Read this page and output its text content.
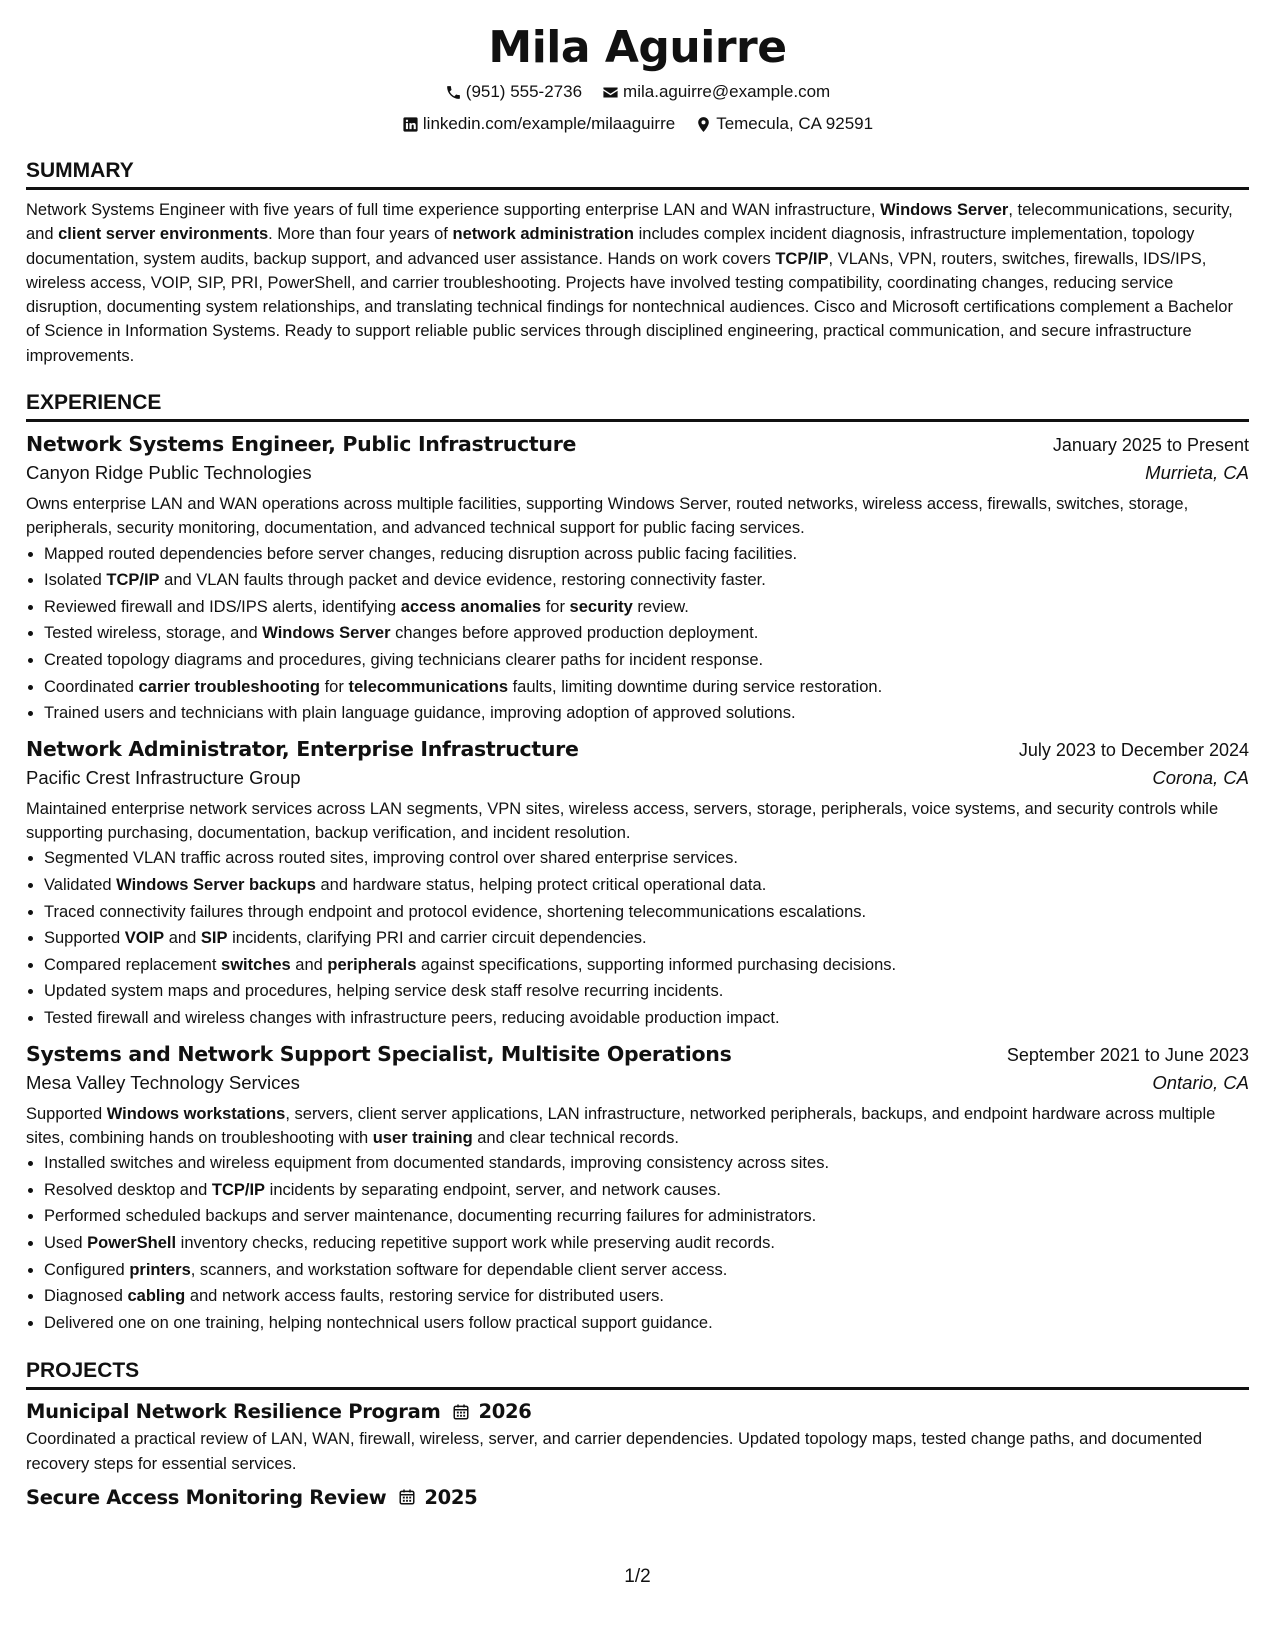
Mila Aguirre
(951) 555-2736 mila.aguirre@example.com
linkedin.com/example/milaaguirre Temecula, CA 92591
SUMMARY
Network Systems Engineer with five years of full time experience supporting enterprise LAN and WAN infrastructure, Windows Server, telecommunications, security, and client server environments. More than four years of network administration includes complex incident diagnosis, infrastructure implementation, topology documentation, system audits, backup support, and advanced user assistance. Hands on work covers TCP/IP, VLANs, VPN, routers, switches, firewalls, IDS/IPS, wireless access, VOIP, SIP, PRI, PowerShell, and carrier troubleshooting. Projects have involved testing compatibility, coordinating changes, reducing service disruption, documenting system relationships, and translating technical findings for nontechnical audiences. Cisco and Microsoft certifications complement a Bachelor of Science in Information Systems. Ready to support reliable public services through disciplined engineering, practical communication, and secure infrastructure improvements.
EXPERIENCE
Network Systems Engineer, Public Infrastructure	January 2025 to Present
Canyon Ridge Public Technologies	Murrieta, CA
Owns enterprise LAN and WAN operations across multiple facilities, supporting Windows Server, routed networks, wireless access, firewalls, switches, storage, peripherals, security monitoring, documentation, and advanced technical support for public facing services.
• Mapped routed dependencies before server changes, reducing disruption across public facing facilities.
• Isolated TCP/IP and VLAN faults through packet and device evidence, restoring connectivity faster.
• Reviewed firewall and IDS/IPS alerts, identifying access anomalies for security review.
• Tested wireless, storage, and Windows Server changes before approved production deployment.
• Created topology diagrams and procedures, giving technicians clearer paths for incident response.
• Coordinated carrier troubleshooting for telecommunications faults, limiting downtime during service restoration.
• Trained users and technicians with plain language guidance, improving adoption of approved solutions.
Network Administrator, Enterprise Infrastructure	July 2023 to December 2024
Pacific Crest Infrastructure Group	Corona, CA
Maintained enterprise network services across LAN segments, VPN sites, wireless access, servers, storage, peripherals, voice systems, and security controls while supporting purchasing, documentation, backup verification, and incident resolution.
• Segmented VLAN traffic across routed sites, improving control over shared enterprise services.
• Validated Windows Server backups and hardware status, helping protect critical operational data.
• Traced connectivity failures through endpoint and protocol evidence, shortening telecommunications escalations.
• Supported VOIP and SIP incidents, clarifying PRI and carrier circuit dependencies.
• Compared replacement switches and peripherals against specifications, supporting informed purchasing decisions.
• Updated system maps and procedures, helping service desk staff resolve recurring incidents.
• Tested firewall and wireless changes with infrastructure peers, reducing avoidable production impact.
Systems and Network Support Specialist, Multisite Operations	September 2021 to June 2023
Mesa Valley Technology Services	Ontario, CA
Supported Windows workstations, servers, client server applications, LAN infrastructure, networked peripherals, backups, and endpoint hardware across multiple sites, combining hands on troubleshooting with user training and clear technical records.
• Installed switches and wireless equipment from documented standards, improving consistency across sites.
• Resolved desktop and TCP/IP incidents by separating endpoint, server, and network causes.
• Performed scheduled backups and server maintenance, documenting recurring failures for administrators.
• Used PowerShell inventory checks, reducing repetitive support work while preserving audit records.
• Configured printers, scanners, and workstation software for dependable client server access.
• Diagnosed cabling and network access faults, restoring service for distributed users.
• Delivered one on one training, helping nontechnical users follow practical support guidance.
PROJECTS
Municipal Network Resilience Program 2026
Coordinated a practical review of LAN, WAN, firewall, wireless, server, and carrier dependencies. Updated topology maps, tested change paths, and documented recovery steps for essential services.
Secure Access Monitoring Review 2025
1/2
